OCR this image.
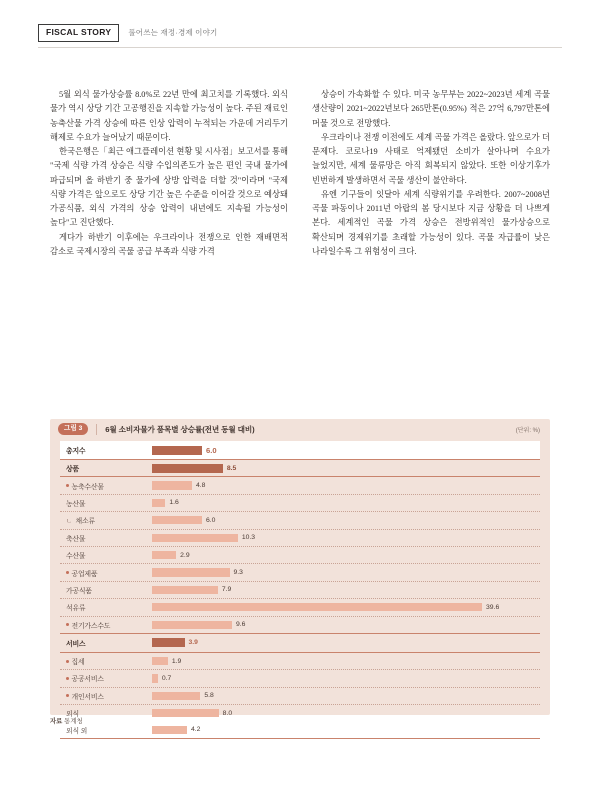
FISCAL STORY	풀어쓰는 재정·경제 이야기

5월 외식 물가상승률 8.0%로 22년 만에 최고치를 기록했다. 외식 물가 역시 상당 기간 고공행진을 지속할 가능성이 높다. 주된 재료인 농축산물 가격 상승에 따른 인상 압력이 누적되는 가운데 거리두기 해제로 수요가 늘어났기 때문이다.

한국은행은「최근 애그플레이션 현황 및 시사점」보고서를 통해 "국제 식량 가격 상승은 식량 수입의존도가 높은 편인 국내 물가에 파급되며 올 하반기 중 물가에 상방 압력을 더할 것"이라며 "국제 식량 가격은 앞으로도 상당 기간 높은 수준을 이어갈 것으로 예상돼 가공식품, 외식 가격의 상승 압력이 내년에도 지속될 가능성이 높다"고 진단했다.

게다가 하반기 이후에는 우크라이나 전쟁으로 인한 재배면적 감소로 국제시장의 곡물 공급 부족과 식량 가격

상승이 가속화할 수 있다. 미국 농무부는 2022~2023년 세계 곡물 생산량이 2021~2022년보다 265만톤(0.95%) 적은 27억 6,797만톤에 머물 것으로 전망했다.

우크라이나 전쟁 이전에도 세계 곡물 가격은 올랐다. 앞으로가 더 문제다. 코로나19 사태로 억제됐던 소비가 살아나며 수요가 늘었지만, 세계 물류망은 아직 회복되지 않았다. 또한 이상기후가 빈번하게 발생하면서 곡물 생산이 불안하다.

유엔 기구들이 잇달아 세계 식량위기를 우려한다. 2007~2008년 곡물 파동이나 2011년 아랍의 봄 당시보다 지금 상황을 더 나쁘게 본다. 세계적인 곡물 가격 상승은 전방위적인 물가상승으로 확산되며 경제위기를 초래할 가능성이 있다. 곡물 자급률이 낮은 나라일수록 그 위험성이 크다.

그림 3	6월 소비자물가 품목별 상승률(전년 동월 대비)	(단위: %)
총지수	6.0
상품	8.5
농축수산물	4.8
농산물	1.6
ㄴ 채소류	6.0
축산물	10.3
수산물	2.9
공업제품	9.3
가공식품	7.9
석유류	39.6
전기가스수도	9.6
서비스	3.9
집세	1.9
공공서비스	0.7
개인서비스	5.8
외식	8.0
외식 외	4.2
자료 통계청
